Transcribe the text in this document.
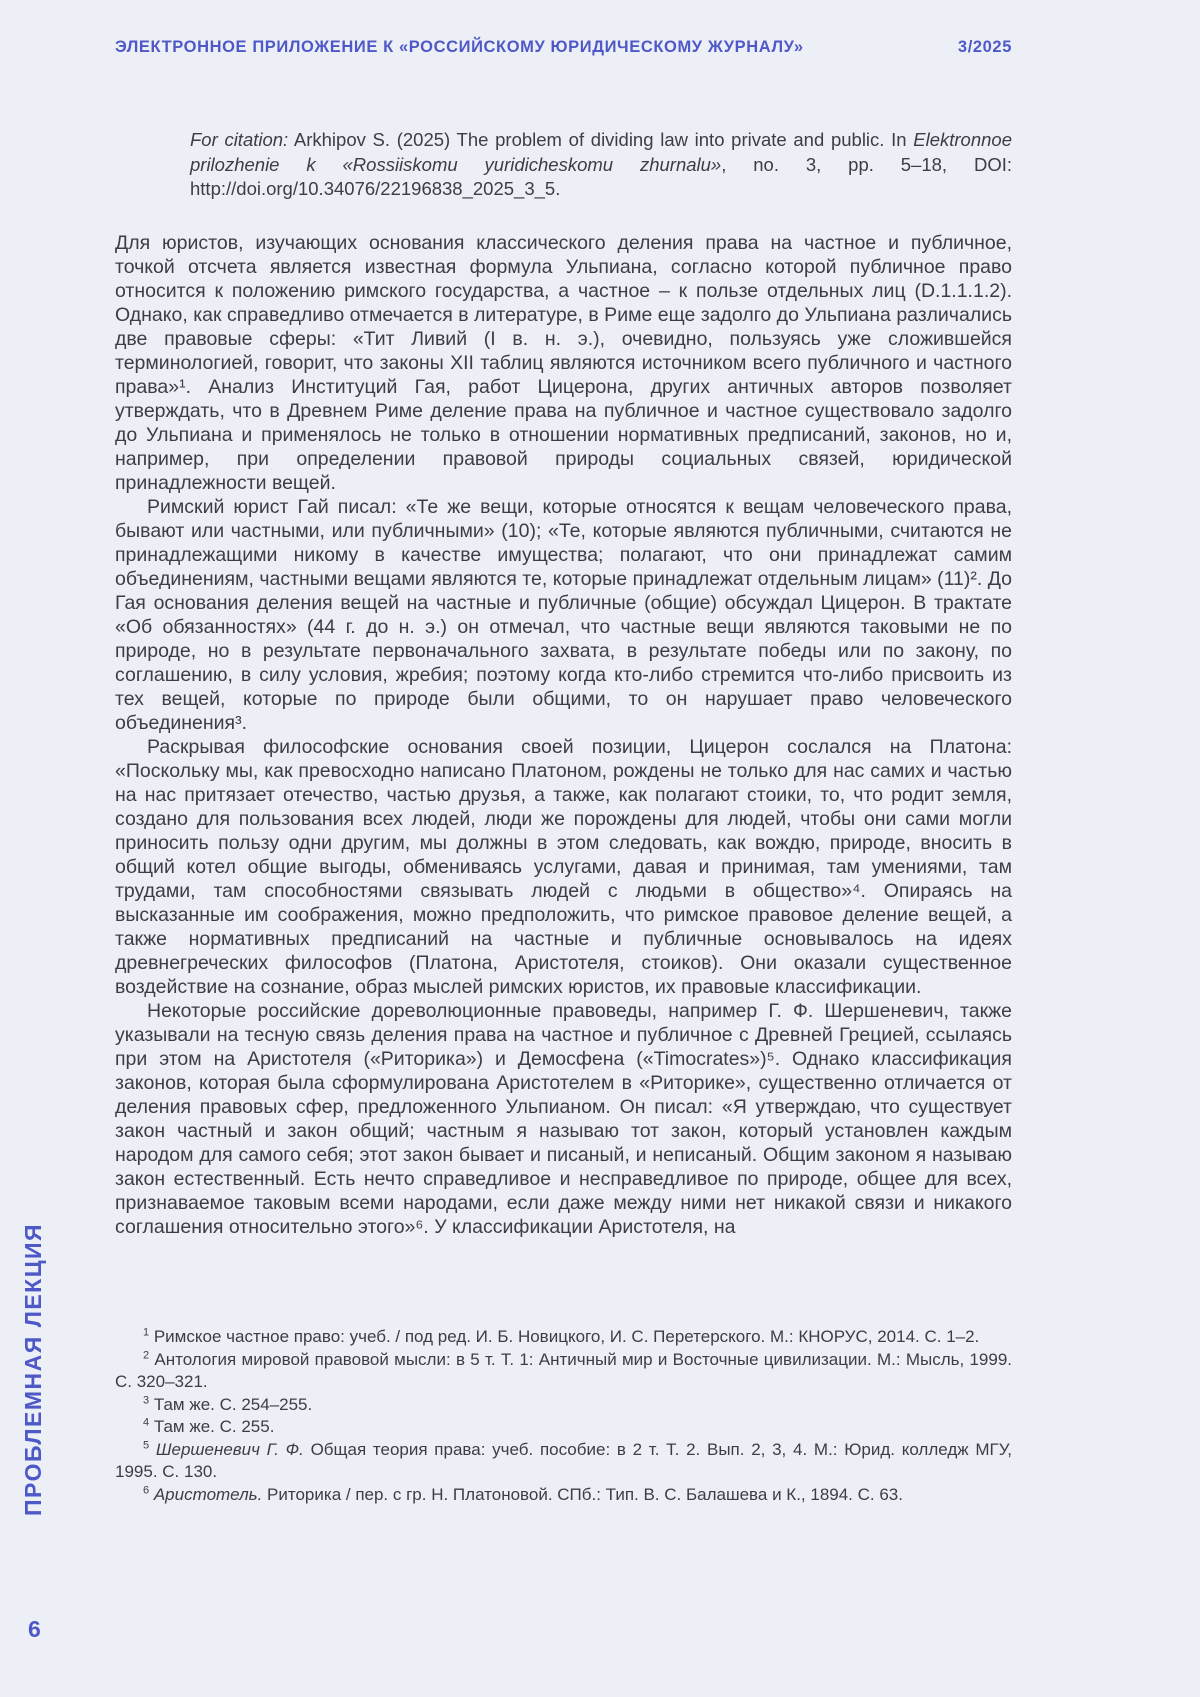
ЭЛЕКТРОННОЕ ПРИЛОЖЕНИЕ К «РОССИЙСКОМУ ЮРИДИЧЕСКОМУ ЖУРНАЛУ»	3/2025
For citation: Arkhipov S. (2025) The problem of dividing law into private and public. In Elektronnoe prilozhenie k «Rossiiskomu yuridicheskomu zhurnalu», no. 3, pp. 5–18, DOI: http://doi.org/10.34076/22196838_2025_3_5.

Для юристов, изучающих основания классического деления права на частное и публичное, точкой отсчета является известная формула Ульпиана, согласно которой публичное право относится к положению римского государства, а частное – к пользе отдельных лиц (D.1.1.1.2). Однако, как справедливо отмечается в литературе, в Риме еще задолго до Ульпиана различались две правовые сферы: «Тит Ливий (I в. н. э.), очевидно, пользуясь уже сложившейся терминологией, говорит, что законы XII таблиц являются источником всего публичного и частного права»¹. Анализ Институций Гая, работ Цицерона, других античных авторов позволяет утверждать, что в Древнем Риме деление права на публичное и частное существовало задолго до Ульпиана и применялось не только в отношении нормативных предписаний, законов, но и, например, при определении правовой природы социальных связей, юридической принадлежности вещей.

Римский юрист Гай писал: «Те же вещи, которые относятся к вещам человеческого права, бывают или частными, или публичными» (10); «Те, которые являются публичными, считаются не принадлежащими никому в качестве имущества; полагают, что они принадлежат самим объединениям, частными вещами являются те, которые принадлежат отдельным лицам» (11)². До Гая основания деления вещей на частные и публичные (общие) обсуждал Цицерон. В трактате «Об обязанностях» (44 г. до н. э.) он отмечал, что частные вещи являются таковыми не по природе, но в результате первоначального захвата, в результате победы или по закону, по соглашению, в силу условия, жребия; поэтому когда кто-либо стремится что-либо присвоить из тех вещей, которые по природе были общими, то он нарушает право человеческого объединения³.

Раскрывая философские основания своей позиции, Цицерон сослался на Платона: «Поскольку мы, как превосходно написано Платоном, рождены не только для нас самих и частью на нас притязает отечество, частью друзья, а также, как полагают стоики, то, что родит земля, создано для пользования всех людей, люди же порождены для людей, чтобы они сами могли приносить пользу одни другим, мы должны в этом следовать, как вождю, природе, вносить в общий котел общие выгоды, обмениваясь услугами, давая и принимая, там умениями, там трудами, там способностями связывать людей с людьми в общество»⁴. Опираясь на высказанные им соображения, можно предположить, что римское правовое деление вещей, а также нормативных предписаний на частные и публичные основывалось на идеях древнегреческих философов (Платона, Аристотеля, стоиков). Они оказали существенное воздействие на сознание, образ мыслей римских юристов, их правовые классификации.

Некоторые российские дореволюционные правоведы, например Г. Ф. Шершеневич, также указывали на тесную связь деления права на частное и публичное с Древней Грецией, ссылаясь при этом на Аристотеля («Риторика») и Демосфена («Timocrates»)⁵. Однако классификация законов, которая была сформулирована Аристотелем в «Риторике», существенно отличается от деления правовых сфер, предложенного Ульпианом. Он писал: «Я утверждаю, что существует закон частный и закон общий; частным я называю тот закон, который установлен каждым народом для самого себя; этот закон бывает и писаный, и неписаный. Общим законом я называю закон естественный. Есть нечто справедливое и несправедливое по природе, общее для всех, признаваемое таковым всеми народами, если даже между ними нет никакой связи и никакого соглашения относительно этого»⁶. У классификации Аристотеля, на

$^1$ Римское частное право: учеб. / под ред. И. Б. Новицкого, И. С. Перетерского. М.: КНОРУС, 2014. С. 1–2.

$^2$ Антология мировой правовой мысли: в 5 т. Т. 1: Античный мир и Восточные цивилизации. М.: Мысль, 1999. С. 320–321.

$^3$ Там же. С. 254–255.

$^4$ Там же. С. 255.

$^5$ Шершеневич Г. Ф. Общая теория права: учеб. пособие: в 2 т. Т. 2. Вып. 2, 3, 4. М.: Юрид. колледж МГУ, 1995. С. 130.

$^6$ Аристотель. Риторика / пер. с гр. Н. Платоновой. СПб.: Тип. В. С. Балашева и К., 1894. С. 63.

ПРОБЛЕМНАЯ ЛЕКЦИЯ
6
